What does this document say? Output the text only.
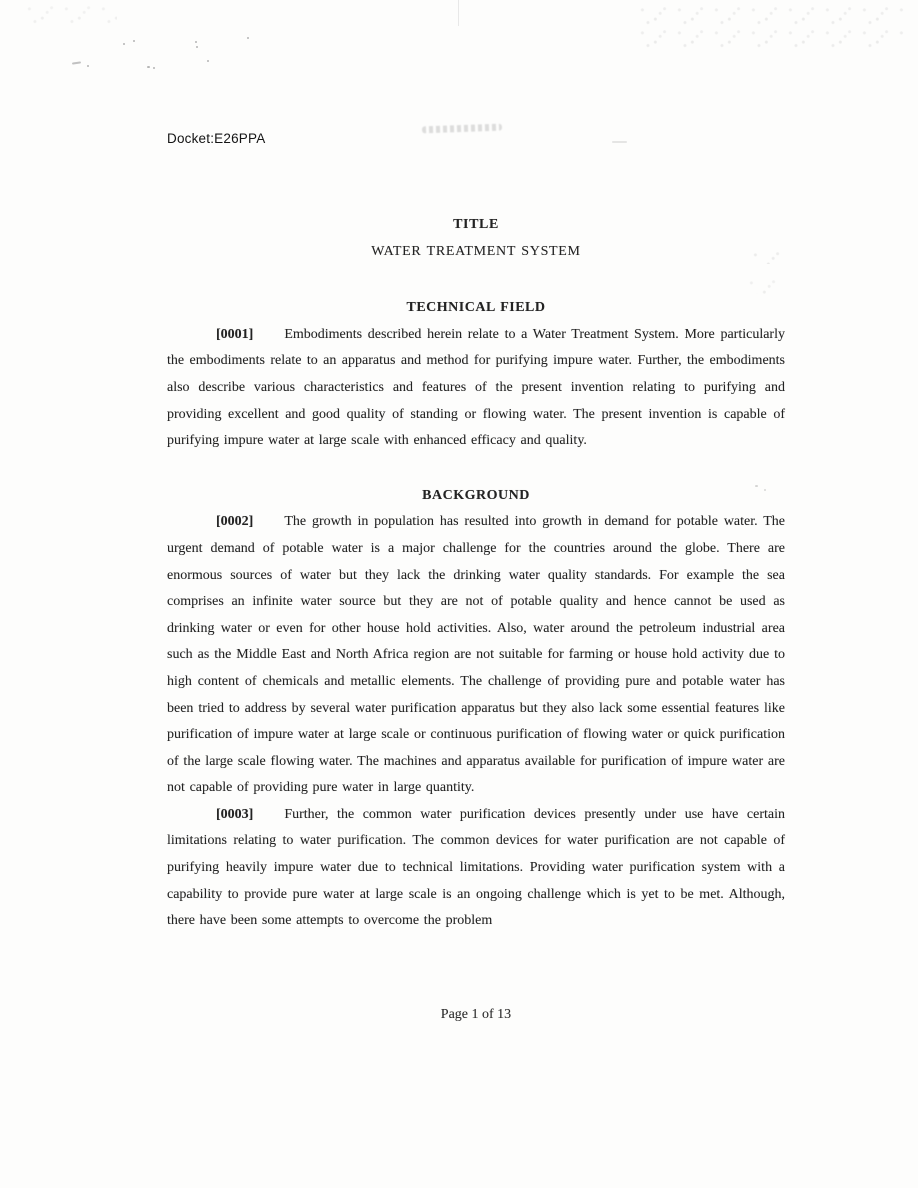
Docket:E26PPA
TITLE
WATER TREATMENT SYSTEM
TECHNICAL FIELD

[0001] Embodiments described herein relate to a Water Treatment System. More particularly the embodiments relate to an apparatus and method for purifying impure water. Further, the embodiments also describe various characteristics and features of the present invention relating to purifying and providing excellent and good quality of standing or flowing water. The present invention is capable of purifying impure water at large scale with enhanced efficacy and quality.

BACKGROUND

[0002] The growth in population has resulted into growth in demand for potable water. The urgent demand of potable water is a major challenge for the countries around the globe. There are enormous sources of water but they lack the drinking water quality standards. For example the sea comprises an infinite water source but they are not of potable quality and hence cannot be used as drinking water or even for other house hold activities. Also, water around the petroleum industrial area such as the Middle East and North Africa region are not suitable for farming or house hold activity due to high content of chemicals and metallic elements. The challenge of providing pure and potable water has been tried to address by several water purification apparatus but they also lack some essential features like purification of impure water at large scale or continuous purification of flowing water or quick purification of the large scale flowing water. The machines and apparatus available for purification of impure water are not capable of providing pure water in large quantity.

[0003] Further, the common water purification devices presently under use have certain limitations relating to water purification. The common devices for water purification are not capable of purifying heavily impure water due to technical limitations. Providing water purification system with a capability to provide pure water at large scale is an ongoing challenge which is yet to be met. Although, there have been some attempts to overcome the problem

Page 1 of 13
